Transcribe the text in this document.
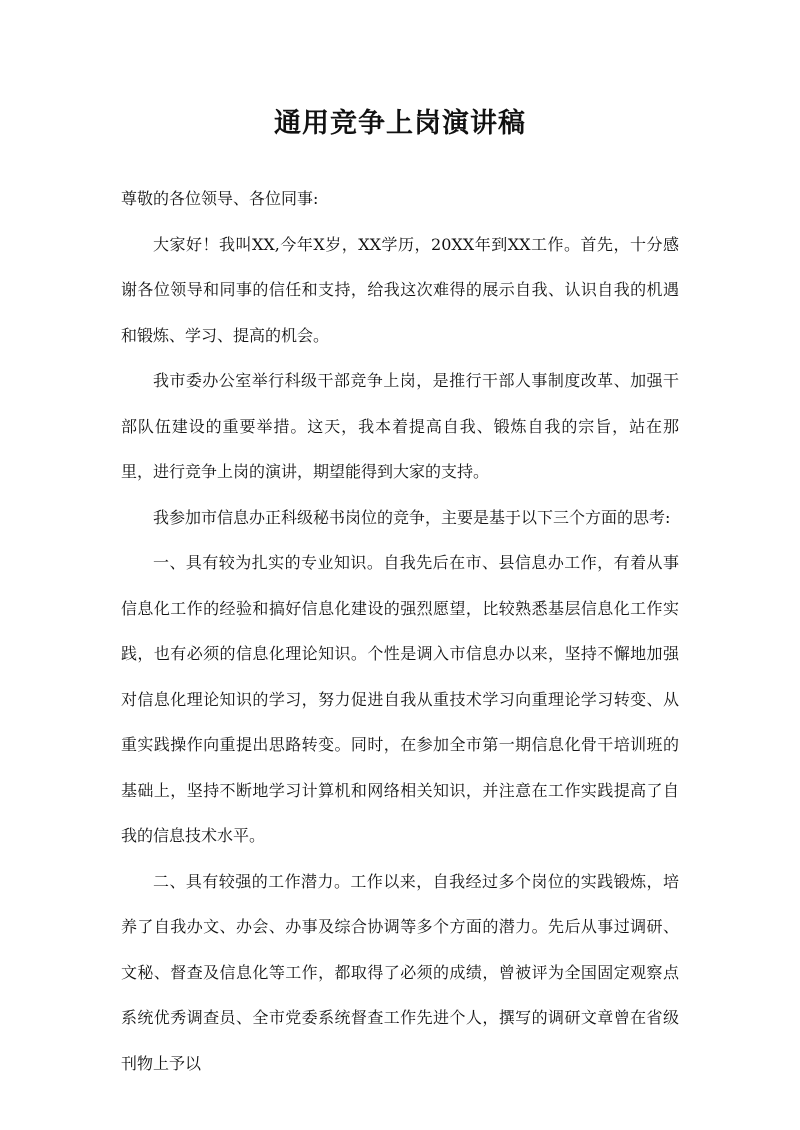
通用竞争上岗演讲稿

尊敬的各位领导、各位同事:

大家好！我叫XX,今年X岁，XX学历，20XX年到XX工作。首先，十分感谢各位领导和同事的信任和支持，给我这次难得的展示自我、认识自我的机遇和锻炼、学习、提高的机会。

我市委办公室举行科级干部竞争上岗，是推行干部人事制度改革、加强干部队伍建设的重要举措。这天，我本着提高自我、锻炼自我的宗旨，站在那里，进行竞争上岗的演讲，期望能得到大家的支持。

我参加市信息办正科级秘书岗位的竞争，主要是基于以下三个方面的思考:

一、具有较为扎实的专业知识。自我先后在市、县信息办工作，有着从事信息化工作的经验和搞好信息化建设的强烈愿望，比较熟悉基层信息化工作实践，也有必须的信息化理论知识。个性是调入市信息办以来，坚持不懈地加强对信息化理论知识的学习，努力促进自我从重技术学习向重理论学习转变、从重实践操作向重提出思路转变。同时，在参加全市第一期信息化骨干培训班的基础上，坚持不断地学习计算机和网络相关知识，并注意在工作实践提高了自我的信息技术水平。

二、具有较强的工作潜力。工作以来，自我经过多个岗位的实践锻炼，培养了自我办文、办会、办事及综合协调等多个方面的潜力。先后从事过调研、文秘、督查及信息化等工作，都取得了必须的成绩，曾被评为全国固定观察点系统优秀调查员、全市党委系统督查工作先进个人，撰写的调研文章曾在省级刊物上予以
